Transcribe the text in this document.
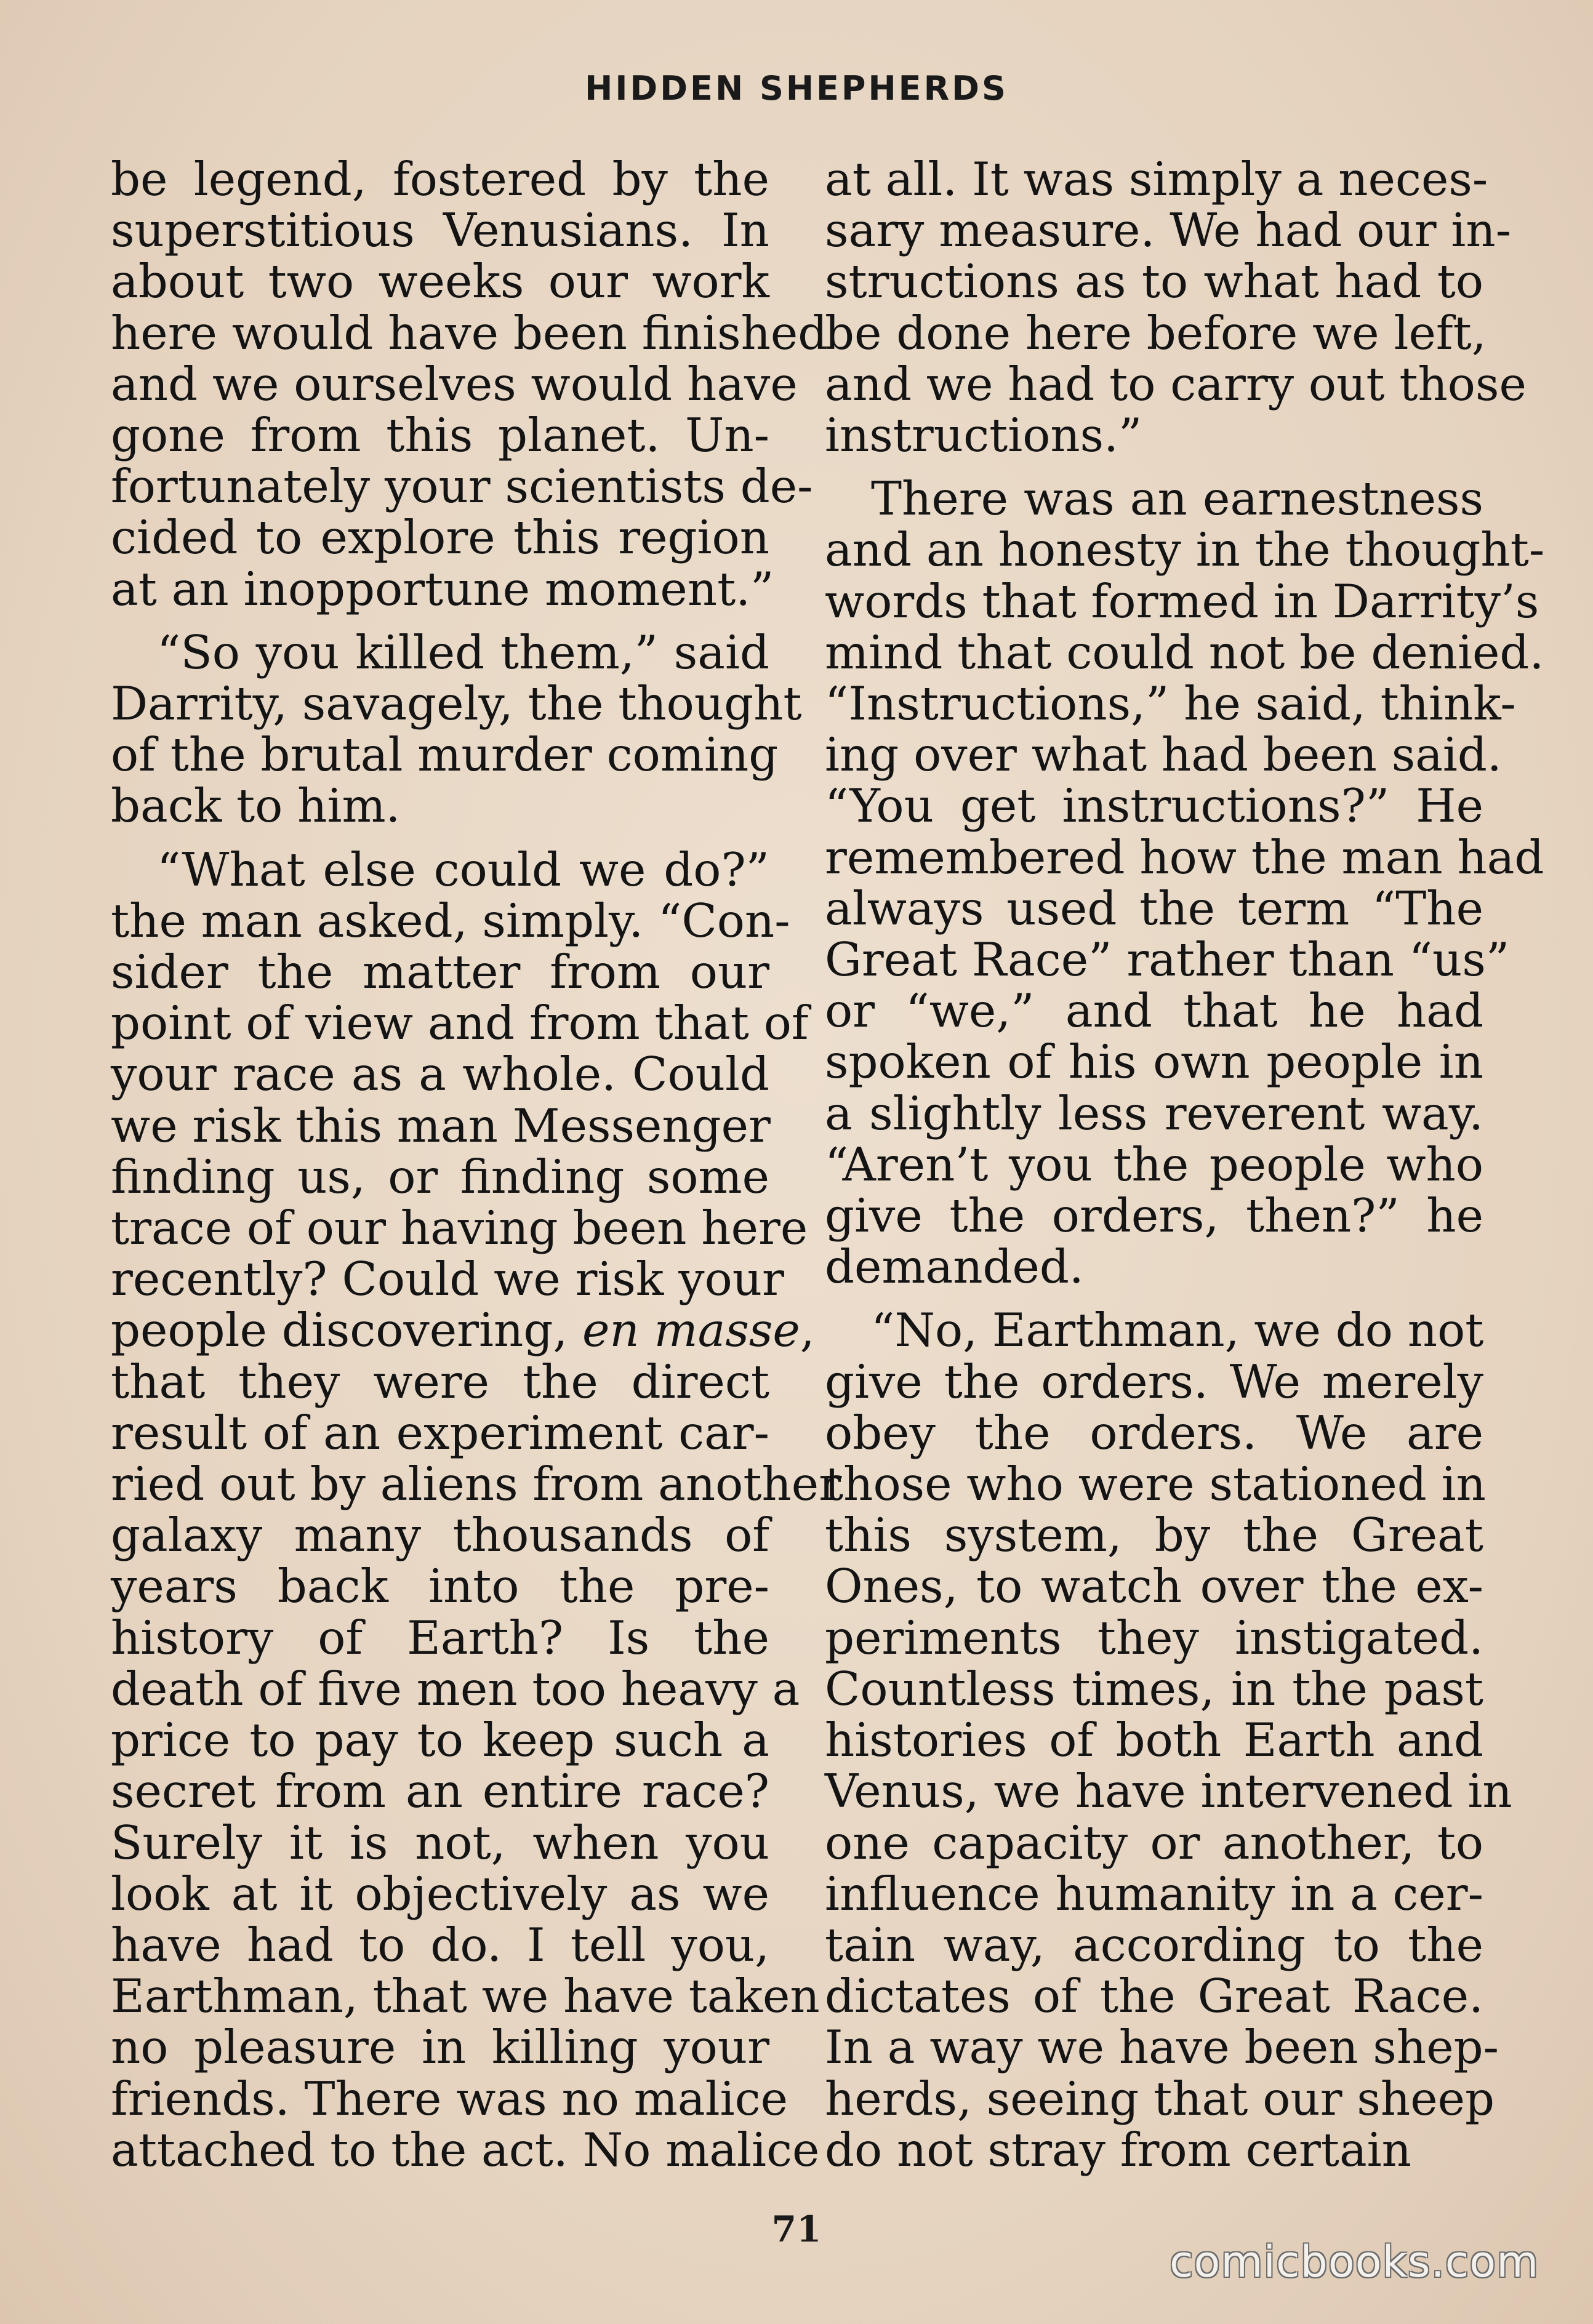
HIDDEN SHEPHERDS
be legend, fostered by the
superstitious Venusians. In
about two weeks our work
here would have been finished
and we ourselves would have
gone from this planet. Un-
fortunately your scientists de-
cided to explore this region
at an inopportune moment.”
“So you killed them,” said
Darrity, savagely, the thought
of the brutal murder coming
back to him.
“What else could we do?”
the man asked, simply. “Con-
sider the matter from our
point of view and from that of
your race as a whole. Could
we risk this man Messenger
finding us, or finding some
trace of our having been here
recently? Could we risk your
people discovering, en masse,
that they were the direct
result of an experiment car-
ried out by aliens from another
galaxy many thousands of
years back into the pre-
history of Earth? Is the
death of five men too heavy a
price to pay to keep such a
secret from an entire race?
Surely it is not, when you
look at it objectively as we
have had to do. I tell you,
Earthman, that we have taken
no pleasure in killing your
friends. There was no malice
attached to the act. No malice
at all. It was simply a neces-
sary measure. We had our in-
structions as to what had to
be done here before we left,
and we had to carry out those
instructions.”
There was an earnestness
and an honesty in the thought-
words that formed in Darrity’s
mind that could not be denied.
“Instructions,” he said, think-
ing over what had been said.
“You get instructions?” He
remembered how the man had
always used the term “The
Great Race” rather than “us”
or “we,” and that he had
spoken of his own people in
a slightly less reverent way.
“Aren’t you the people who
give the orders, then?” he
demanded.
“No, Earthman, we do not
give the orders. We merely
obey the orders. We are
those who were stationed in
this system, by the Great
Ones, to watch over the ex-
periments they instigated.
Countless times, in the past
histories of both Earth and
Venus, we have intervened in
one capacity or another, to
influence humanity in a cer-
tain way, according to the
dictates of the Great Race.
In a way we have been shep-
herds, seeing that our sheep
do not stray from certain
71
comicbooks.com
